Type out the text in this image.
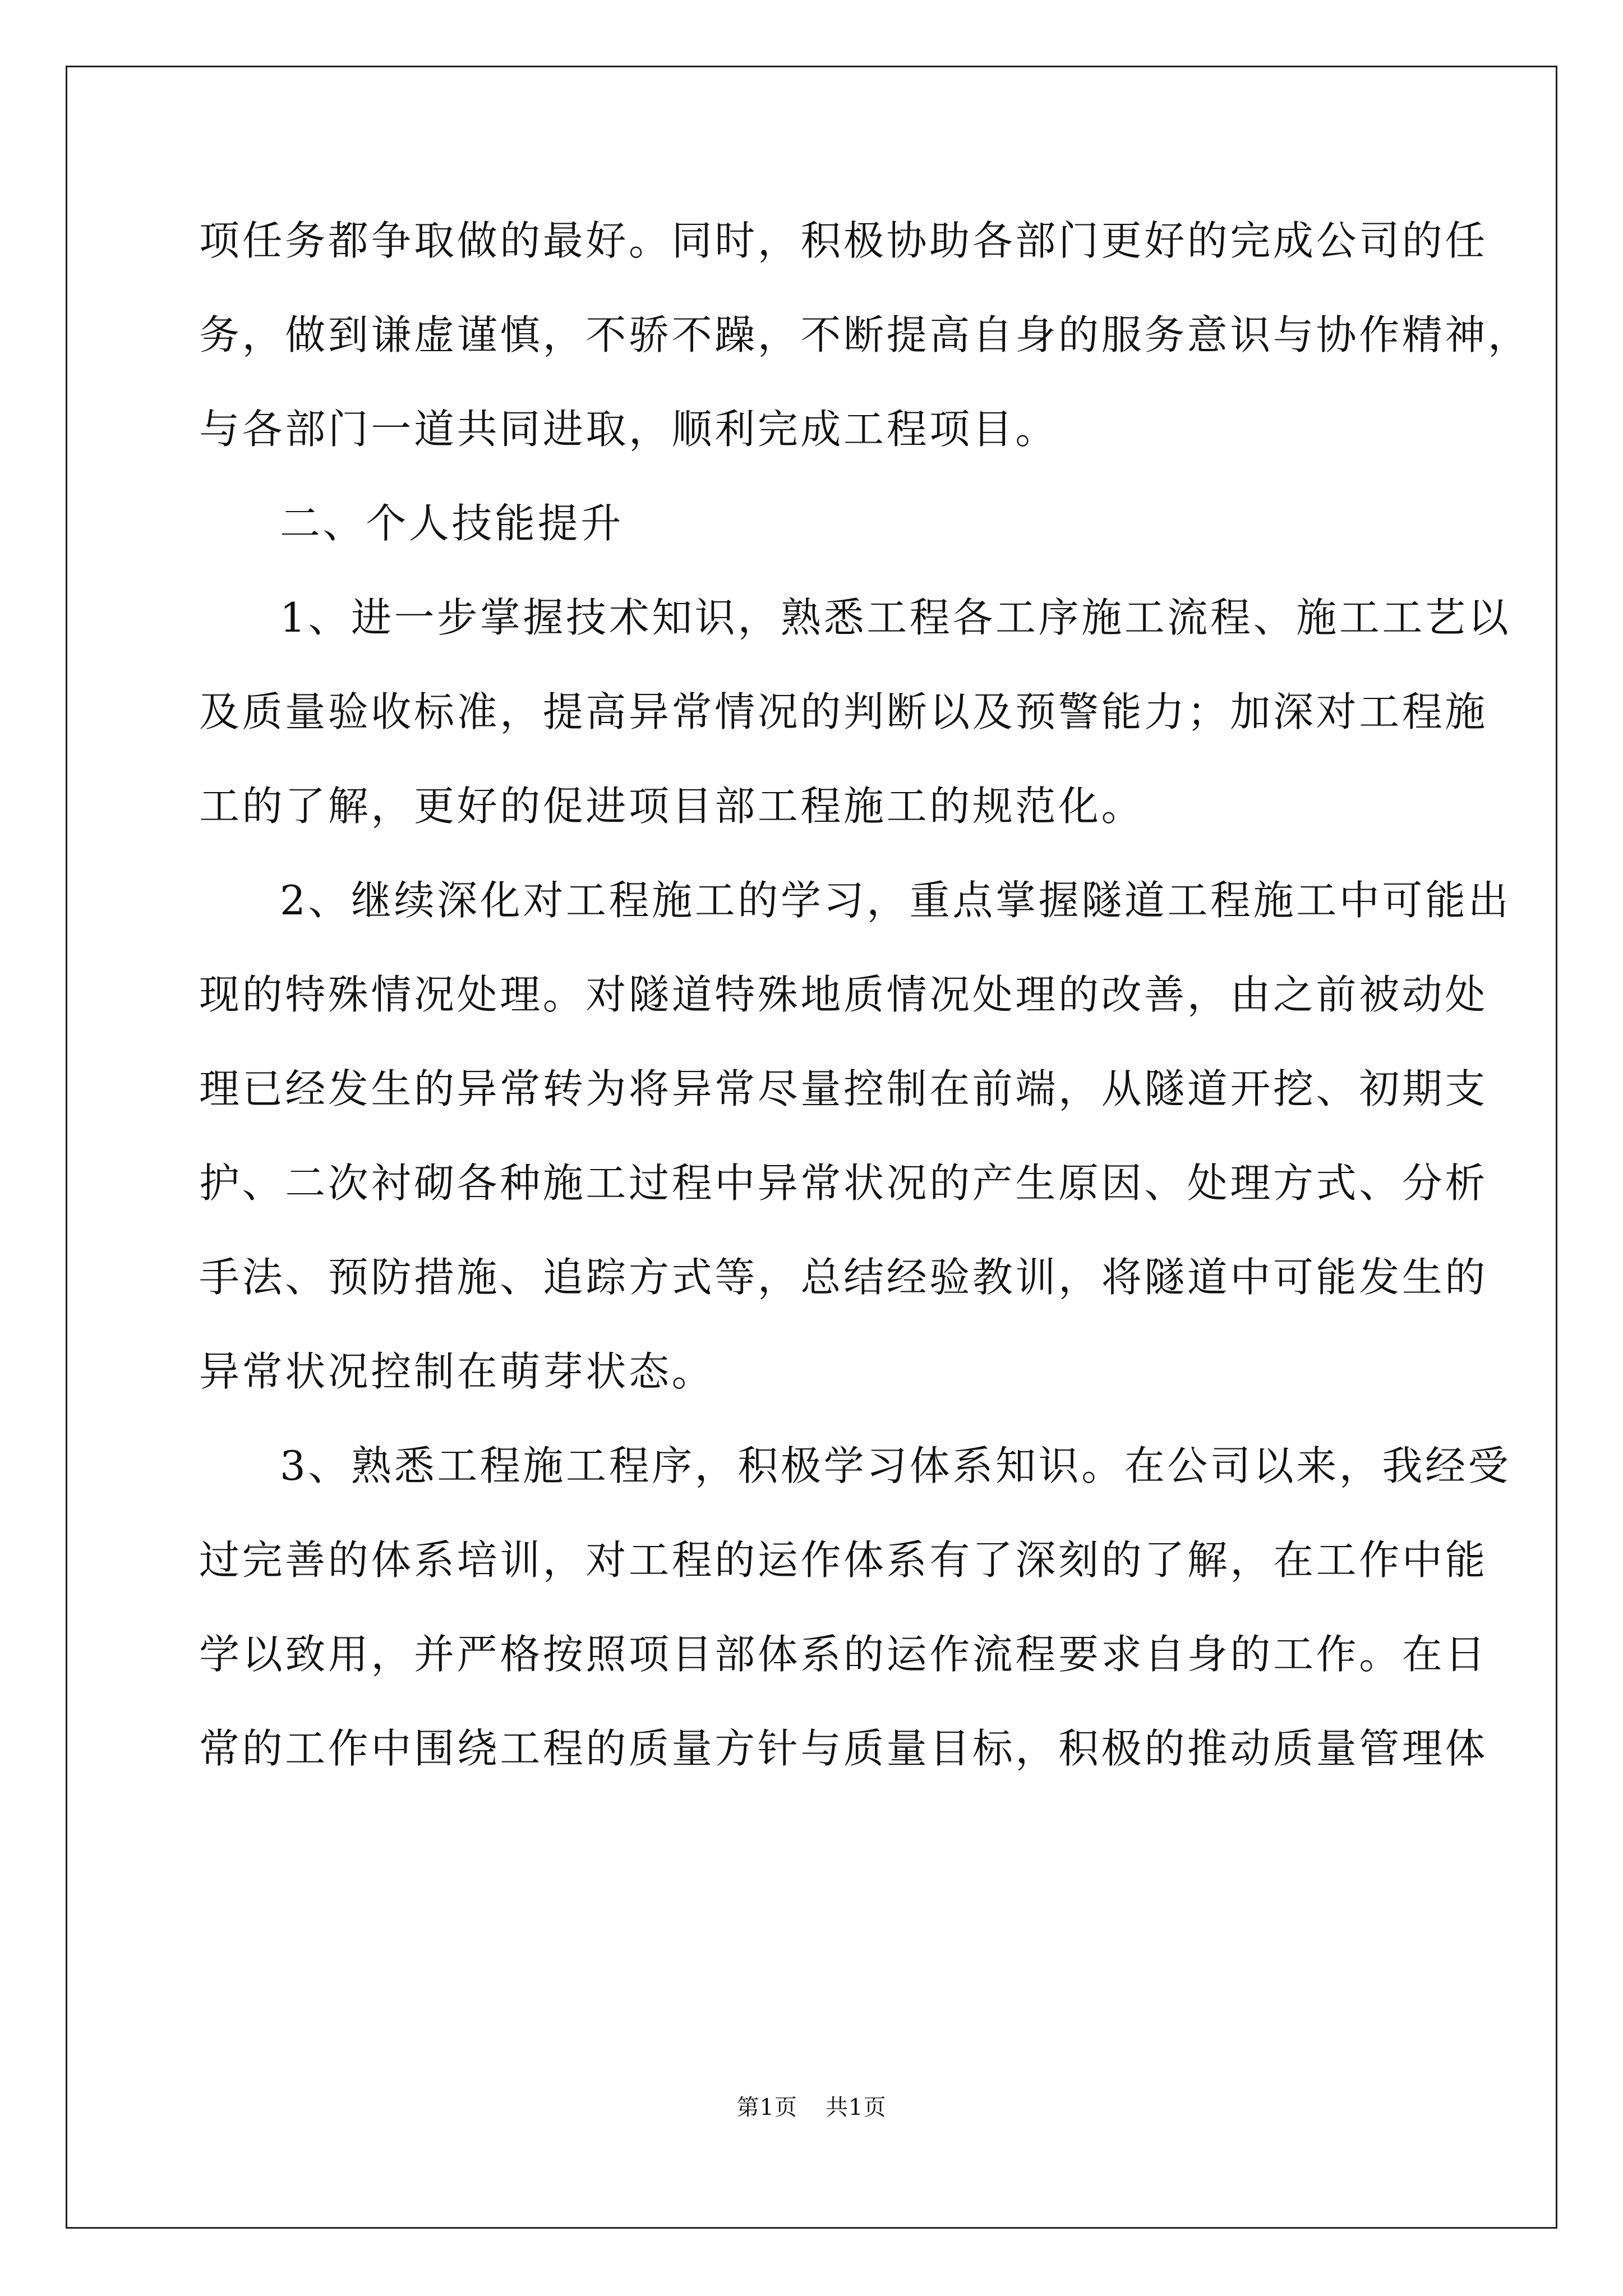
项任务都争取做的最好。同时，积极协助各部门更好的完成公司的任
务，做到谦虚谨慎，不骄不躁，不断提高自身的服务意识与协作精神，
与各部门一道共同进取，顺利完成工程项目。
二、个人技能提升
1、进一步掌握技术知识，熟悉工程各工序施工流程、施工工艺以
及质量验收标准，提高异常情况的判断以及预警能力；加深对工程施
工的了解，更好的促进项目部工程施工的规范化。
2、继续深化对工程施工的学习，重点掌握隧道工程施工中可能出
现的特殊情况处理。对隧道特殊地质情况处理的改善，由之前被动处
理已经发生的异常转为将异常尽量控制在前端，从隧道开挖、初期支
护、二次衬砌各种施工过程中异常状况的产生原因、处理方式、分析
手法、预防措施、追踪方式等，总结经验教训，将隧道中可能发生的
异常状况控制在萌芽状态。
3、熟悉工程施工程序，积极学习体系知识。在公司以来，我经受
过完善的体系培训，对工程的运作体系有了深刻的了解，在工作中能
学以致用，并严格按照项目部体系的运作流程要求自身的工作。在日
常的工作中围绕工程的质量方针与质量目标，积极的推动质量管理体
第1页 共1页
